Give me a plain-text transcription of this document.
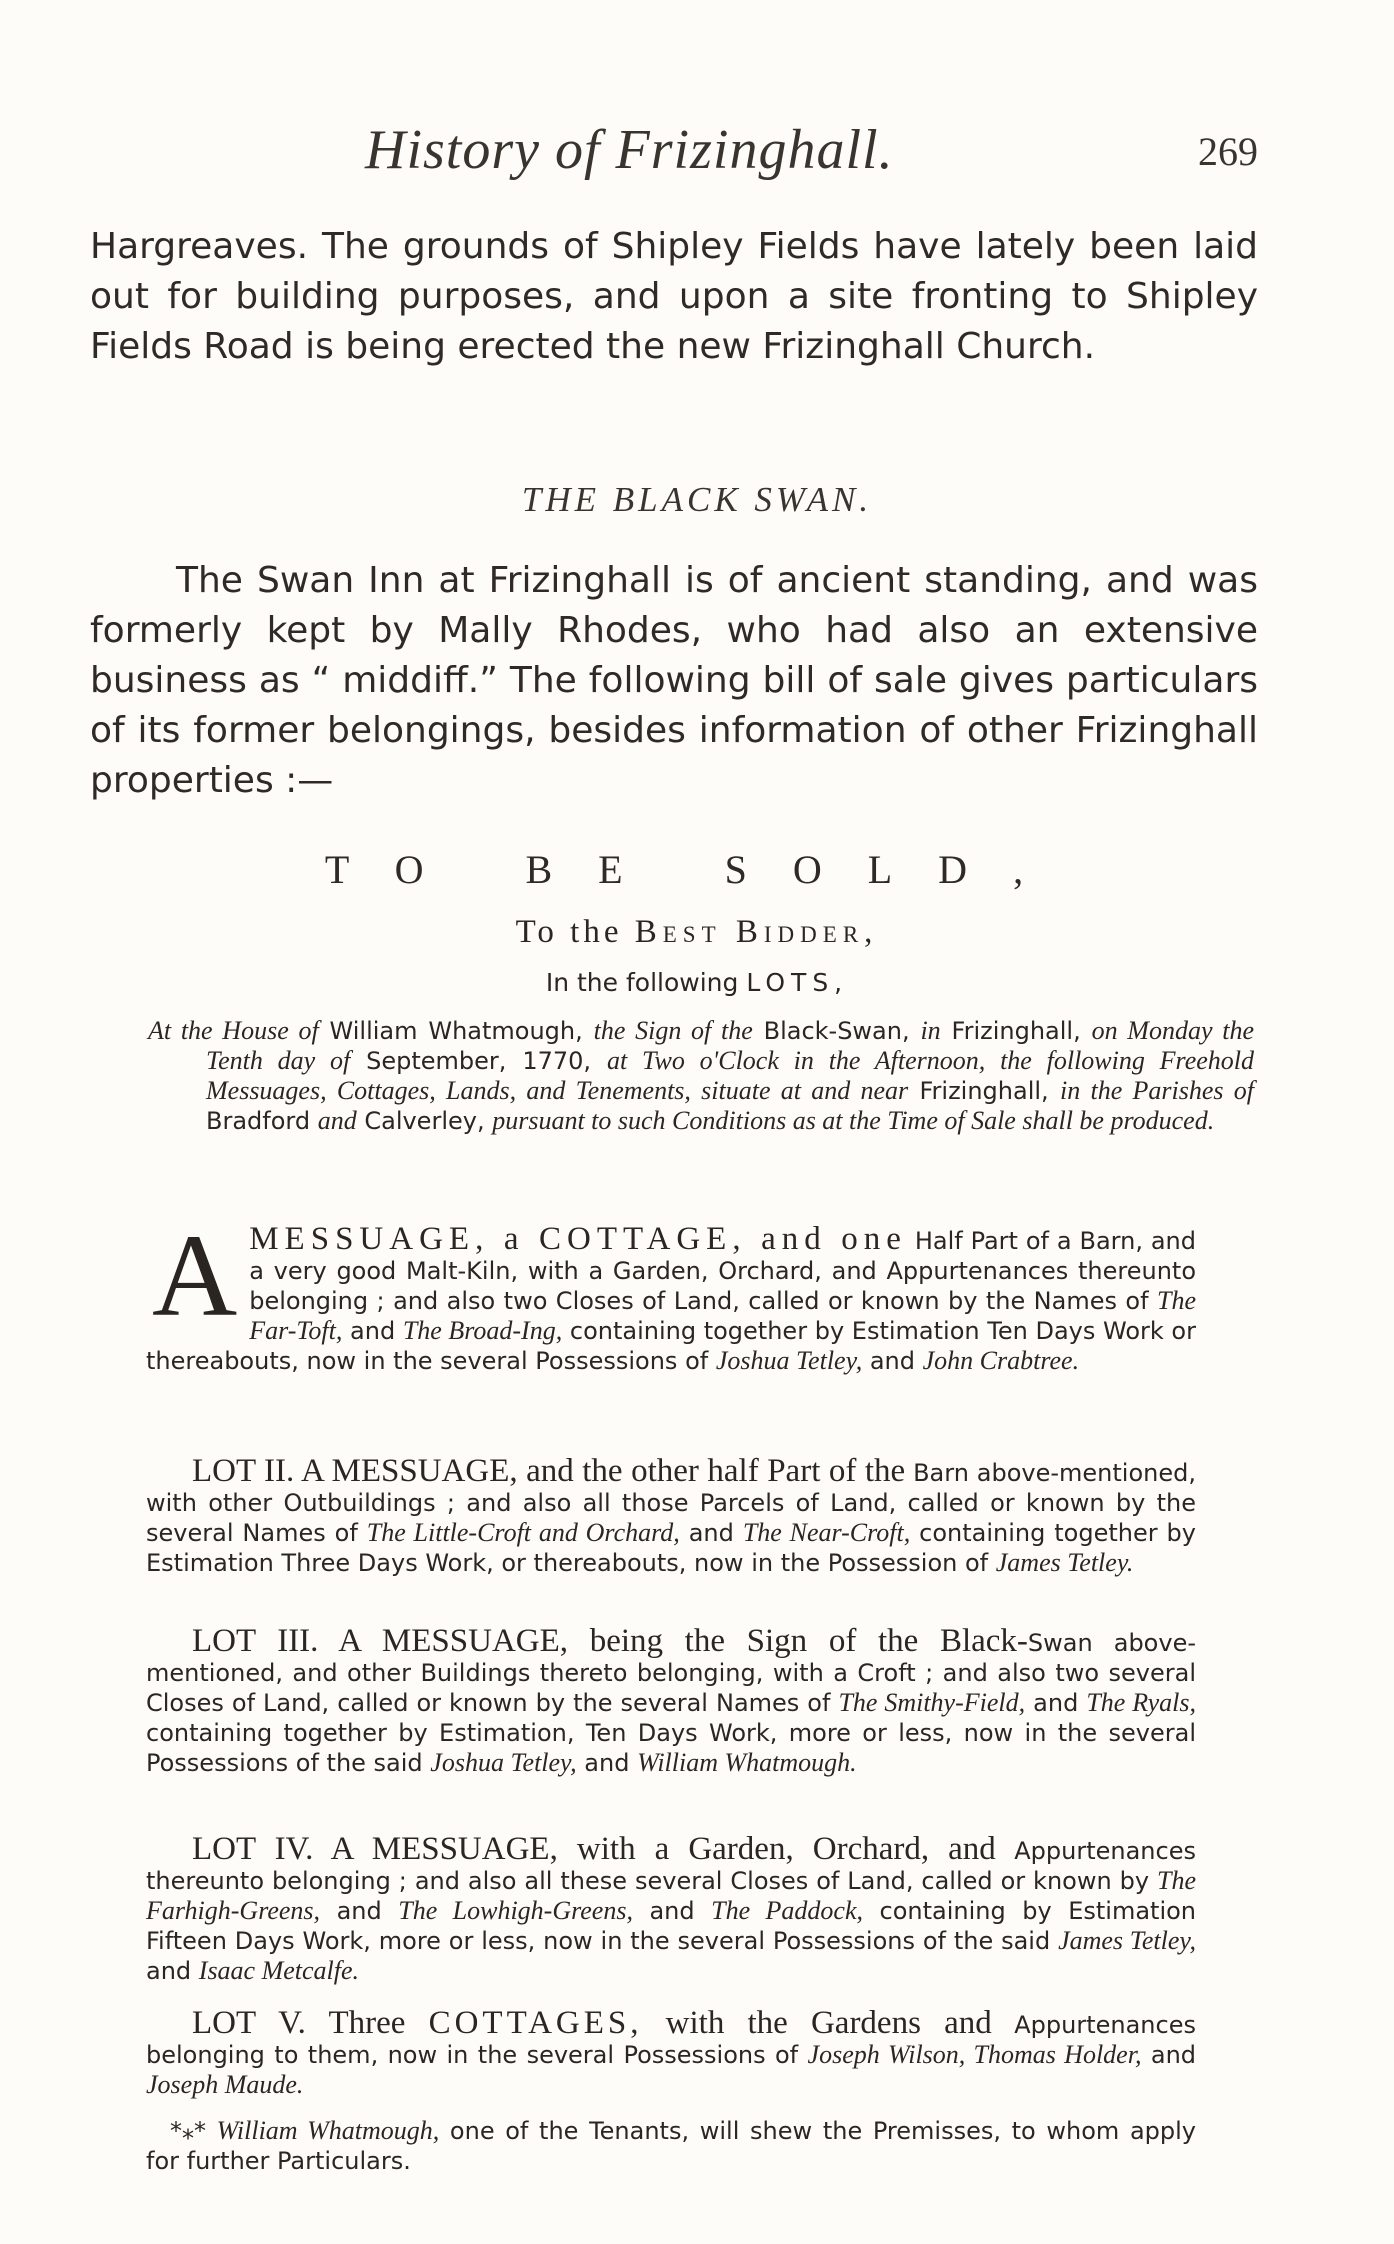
History of Frizinghall.	269

Hargreaves. The grounds of Shipley Fields have lately been laid out for building purposes, and upon a site fronting to Shipley Fields Road is being erected the new Frizinghall Church.

THE BLACK SWAN.

The Swan Inn at Frizinghall is of ancient standing, and was formerly kept by Mally Rhodes, who had also an extensive business as “ middiff.” The following bill of sale gives particulars of its former belongings, besides information of other Frizinghall properties :—

TO BE SOLD,
To the Best Bidder,
In the following LOTS,

At the House of William Whatmough, the Sign of the Black-Swan, in Frizinghall, on Monday the Tenth day of September, 1770, at Two o'Clock in the Afternoon, the following Freehold Messuages, Cottages, Lands, and Tenements, situate at and near Frizinghall, in the Parishes of Bradford and Calverley, pursuant to such Conditions as at the Time of Sale shall be produced.

AMESSUAGE, a COTTAGE, and one Half Part of a Barn, and a very good Malt-Kiln, with a Garden, Orchard, and Appurtenances thereunto belonging ; and also two Closes of Land, called or known by the Names of The Far-Toft, and The Broad-Ing, containing together by Estimation Ten Days Work or thereabouts, now in the several Possessions of Joshua Tetley, and John Crabtree.

LOT II. A MESSUAGE, and the other half Part of the Barn above-mentioned, with other Outbuildings ; and also all those Parcels of Land, called or known by the several Names of The Little-Croft and Orchard, and The Near-Croft, containing together by Estimation Three Days Work, or thereabouts, now in the Possession of James Tetley.

LOT III. A MESSUAGE, being the Sign of the Black-Swan above-mentioned, and other Buildings thereto belonging, with a Croft ; and also two several Closes of Land, called or known by the several Names of The Smithy-Field, and The Ryals, containing together by Estimation, Ten Days Work, more or less, now in the several Possessions of the said Joshua Tetley, and William Whatmough.

LOT IV. A MESSUAGE, with a Garden, Orchard, and Appurtenances thereunto belonging ; and also all these several Closes of Land, called or known by The Farhigh-Greens, and The Lowhigh-Greens, and The Paddock, containing by Estimation Fifteen Days Work, more or less, now in the several Possessions of the said James Tetley, and Isaac Metcalfe.

LOT V. Three COTTAGES, with the Gardens and Appurtenances belonging to them, now in the several Possessions of Joseph Wilson, Thomas Holder, and Joseph Maude.

*⁎* William Whatmough, one of the Tenants, will shew the Premisses, to whom apply for further Particulars.
